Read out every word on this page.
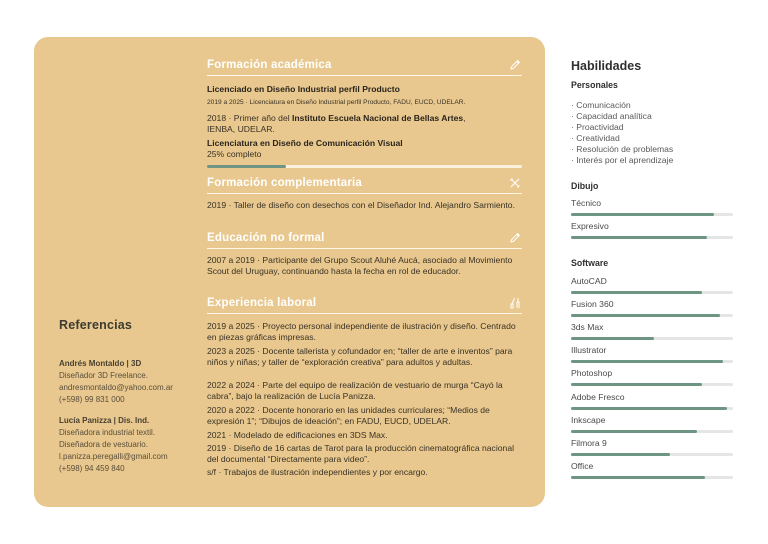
Referencias
Andrés Montaldo | 3D
Diseñador 3D Freelance.
andresmontaldo@yahoo.com.ar
(+598) 99 831 000
Lucía Panizza | Dis. Ind.
Diseñadora industrial textil.
Diseñadora de vestuario.
l.panizza.peregalli@gmail.com
(+598) 94 459 840
Formación académica
Licenciado en Diseño Industrial perfil Producto
2019 a 2025 · Licenciatura en Diseño Industrial perfil Producto, FADU, EUCD, UDELAR.
2018 · Primer año del Instituto Escuela Nacional de Bellas Artes,
IENBA, UDELAR.
Licenciatura en Diseño de Comunicación Visual
25% completo
Formación complementaria
2019 · Taller de diseño con desechos con el Diseñador Ind. Alejandro Sarmiento.
Educación no formal
2007 a 2019 · Participante del Grupo Scout Aluhé Aucá, asociado al Movimiento Scout del Uruguay, continuando hasta la fecha en rol de educador.
Experiencia laboral
2019 a 2025 · Proyecto personal independiente de ilustración y diseño. Centrado en piezas gráficas impresas.
2023 a 2025 · Docente tallerista y cofundador en; “taller de arte e inventos” para niños y niñas; y taller de “exploración creativa” para adultos y adultas.
2022 a 2024 · Parte del equipo de realización de vestuario de murga “Cayó la cabra”, bajo la realización de Lucía Panizza.
2020 a 2022 · Docente honorario en las unidades curriculares; “Medios de expresión 1”; “Dibujos de ideación”; en FADU, EUCD, UDELAR.
2021 · Modelado de edificaciones en 3DS Max.
2019 · Diseño de 16 cartas de Tarot para la producción cinematográfica nacional del documental “Directamente para video”.
s/f · Trabajos de ilustración independientes y por encargo.
Habilidades
Personales
· Comunicación
· Capacidad analítica
· Proactividad
· Creatividad
· Resolución de problemas
· Interés por el aprendizaje
Dibujo
Técnico
Expresivo
Software
AutoCAD
Fusion 360
3ds Max
Illustrator
Photoshop
Adobe Fresco
Inkscape
Filmora 9
Office
